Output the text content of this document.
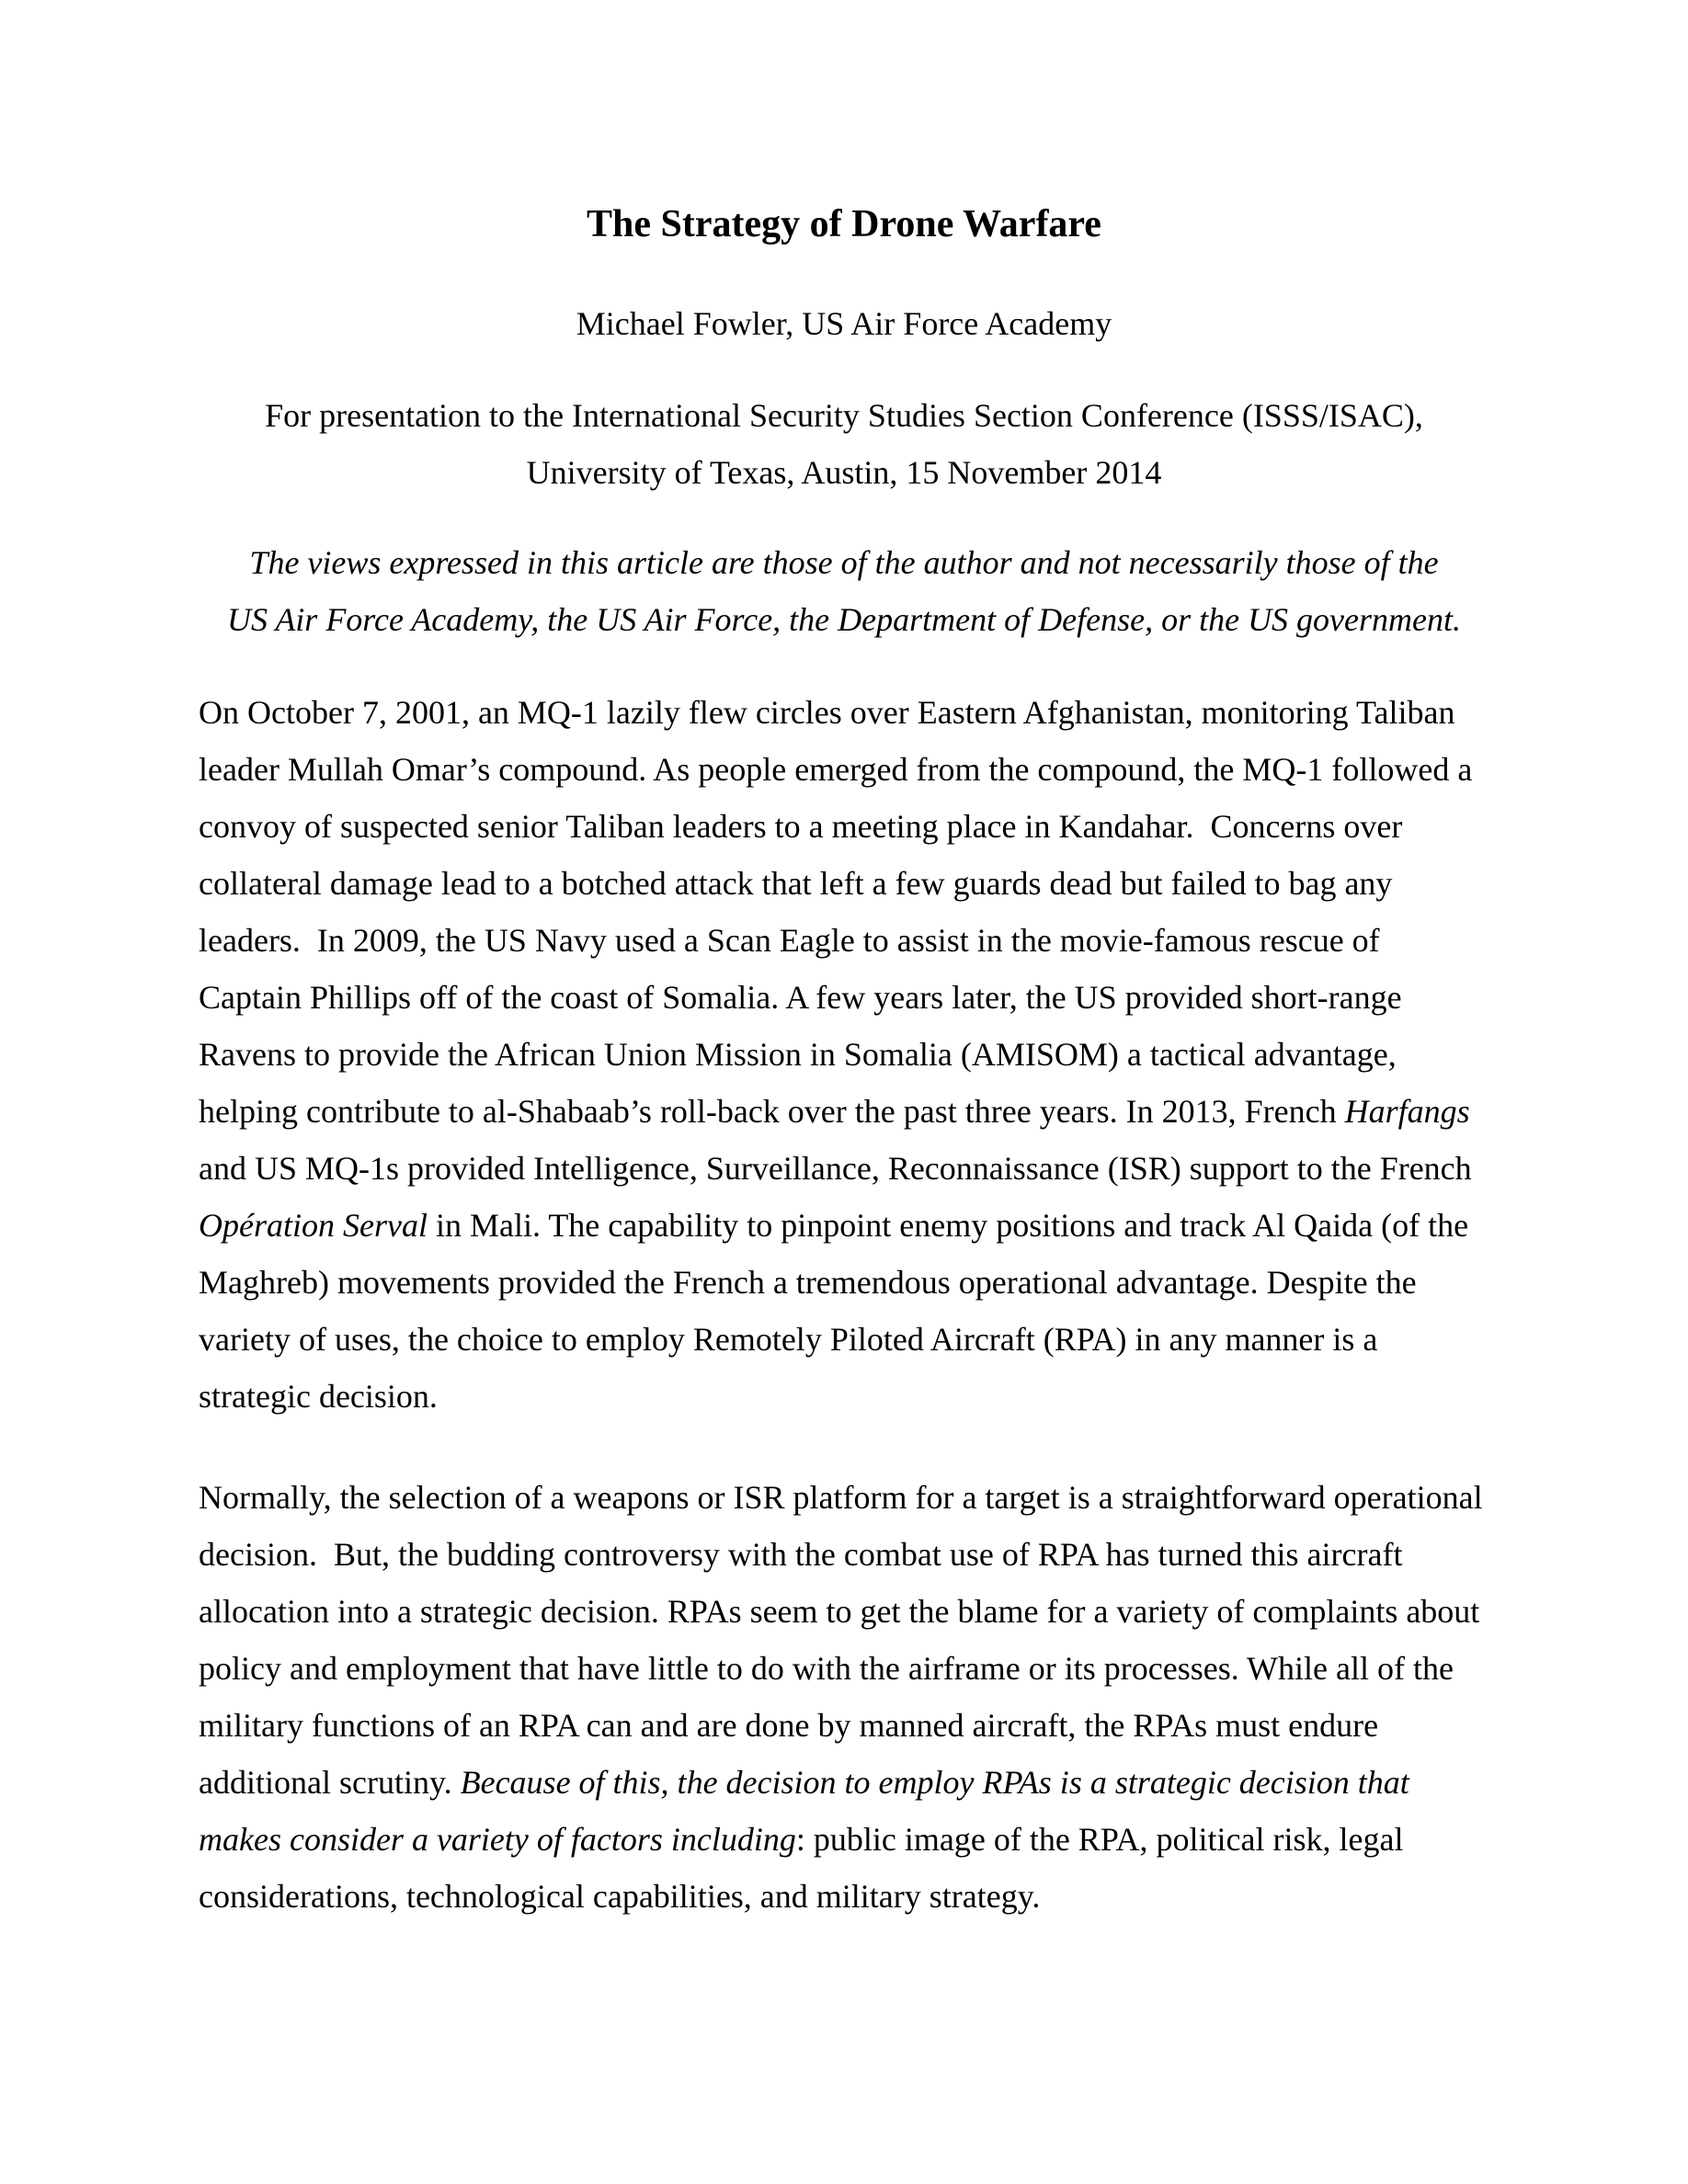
The Strategy of Drone Warfare
Michael Fowler, US Air Force Academy
For presentation to the International Security Studies Section Conference (ISSS/ISAC),
University of Texas, Austin, 15 November 2014
The views expressed in this article are those of the author and not necessarily those of the
US Air Force Academy, the US Air Force, the Department of Defense, or the US government.
On October 7, 2001, an MQ-1 lazily flew circles over Eastern Afghanistan, monitoring Taliban
leader Mullah Omar’s compound. As people emerged from the compound, the MQ-1 followed a
convoy of suspected senior Taliban leaders to a meeting place in Kandahar.  Concerns over
collateral damage lead to a botched attack that left a few guards dead but failed to bag any
leaders.  In 2009, the US Navy used a Scan Eagle to assist in the movie-famous rescue of
Captain Phillips off of the coast of Somalia. A few years later, the US provided short-range
Ravens to provide the African Union Mission in Somalia (AMISOM) a tactical advantage,
helping contribute to al-Shabaab’s roll-back over the past three years. In 2013, French Harfangs
and US MQ-1s provided Intelligence, Surveillance, Reconnaissance (ISR) support to the French
Opération Serval in Mali. The capability to pinpoint enemy positions and track Al Qaida (of the
Maghreb) movements provided the French a tremendous operational advantage. Despite the
variety of uses, the choice to employ Remotely Piloted Aircraft (RPA) in any manner is a
strategic decision.
Normally, the selection of a weapons or ISR platform for a target is a straightforward operational
decision.  But, the budding controversy with the combat use of RPA has turned this aircraft
allocation into a strategic decision. RPAs seem to get the blame for a variety of complaints about
policy and employment that have little to do with the airframe or its processes. While all of the
military functions of an RPA can and are done by manned aircraft, the RPAs must endure
additional scrutiny. Because of this, the decision to employ RPAs is a strategic decision that
makes consider a variety of factors including: public image of the RPA, political risk, legal
considerations, technological capabilities, and military strategy.
